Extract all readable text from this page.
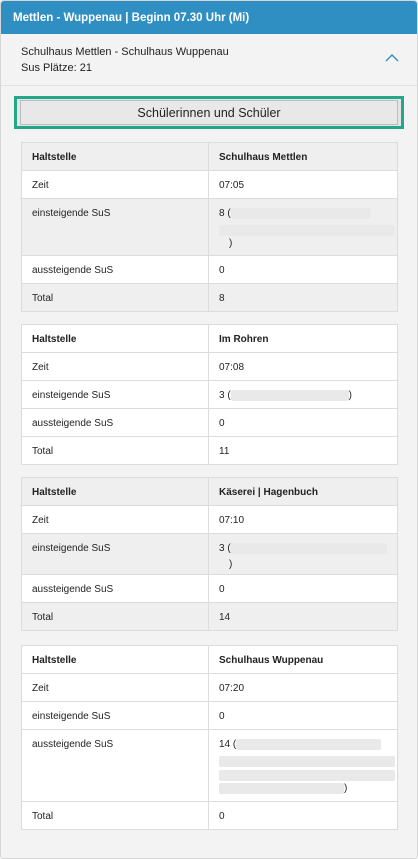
Mettlen - Wuppenau | Beginn 07.30 Uhr (Mi)
Schulhaus Mettlen - Schulhaus Wuppenau
Sus Plätze: 21
Schülerinnen und Schüler
Haltstelle	Schulhaus Mettlen

Zeit	07:05

einsteigende SuS	8 (
)

aussteigende SuS	0

Total	8
Haltstelle	Im Rohren

Zeit	07:08

einsteigende SuS	3 ( )

aussteigende SuS	0

Total	11
Haltstelle	Käserei | Hagenbuch

Zeit	07:10

einsteigende SuS	3 (
)

aussteigende SuS	0

Total	14
Haltstelle	Schulhaus Wuppenau

Zeit	07:20

einsteigende SuS	0

aussteigende SuS	14 (
)

Total	0
